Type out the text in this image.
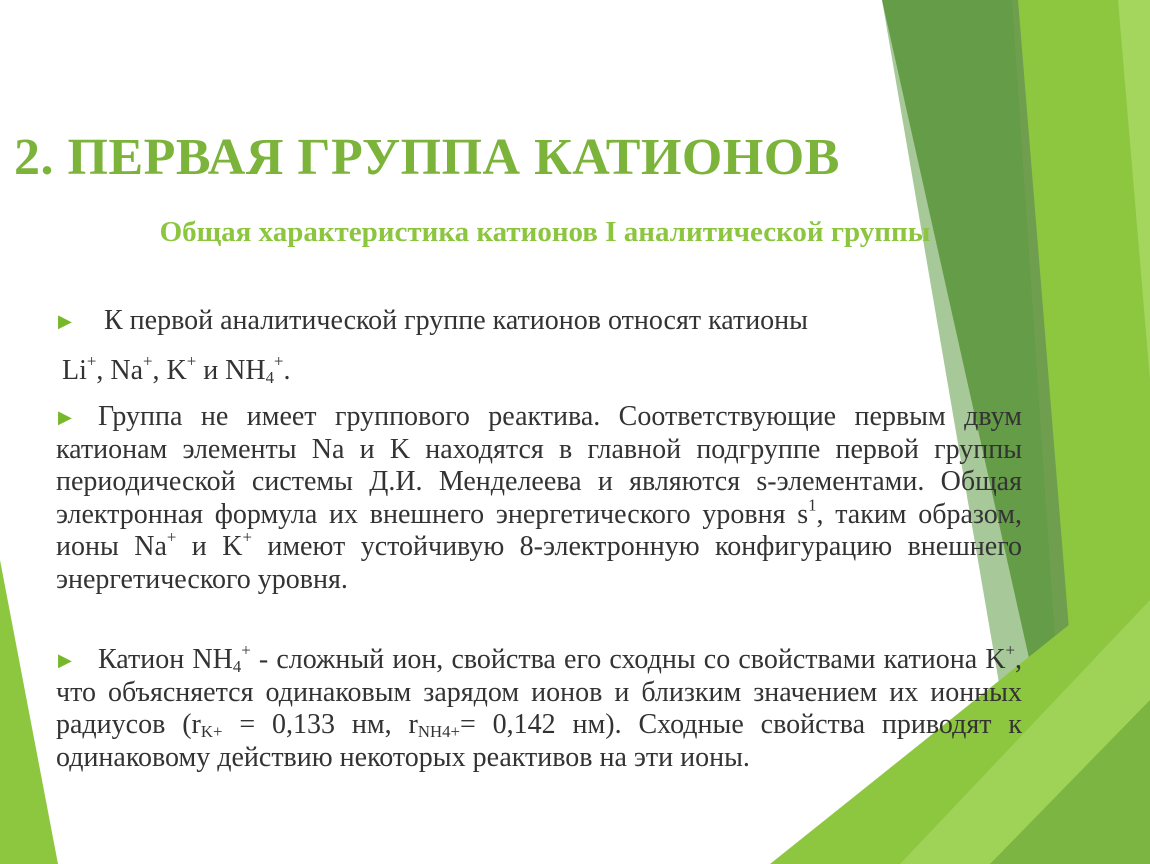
2. ПЕРВАЯ ГРУППА КАТИОНОВ
Общая характеристика катионов I аналитической группы
▶ К первой аналитической группе катионов относят катионы

Li+, Na+, K+ и $NH_4^+$.

▶ Группа не имеет группового реактива. Соответствующие первым двум катионам элементы Na и K находятся в главной подгруппе первой группы периодической системы Д.И. Менделеева и являются s-элементами. Общая электронная формула их внешнего энергетического уровня $s^1$, таким образом, ионы Na+ и K+ имеют устойчивую 8-электронную конфигурацию внешнего энергетического уровня.

▶ Катион $NH_4^+$ - сложный ион, свойства его сходны со свойствами катиона K+, что объясняется одинаковым зарядом ионов и близким значением их ионных радиусов ($r_{K+} = 0,133$ нм, $r_{NH4+}= 0,142$ нм). Сходные свойства приводят к одинаковому действию некоторых реактивов на эти ионы.
